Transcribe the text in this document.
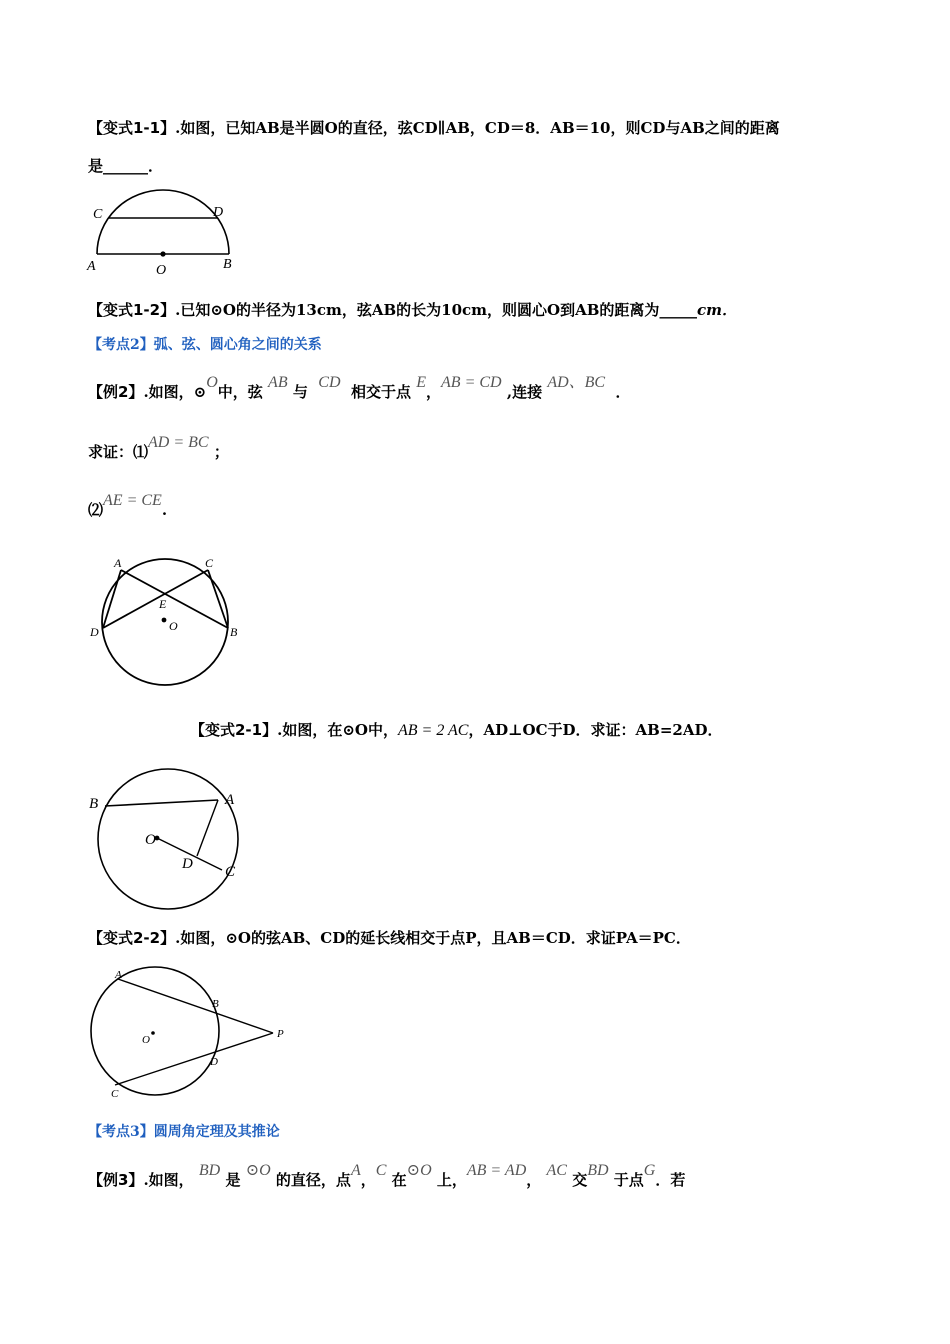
【变式1-1】.如图，已知AB是半圆O的直径，弦CD∥AB，CD＝8．AB＝10，则CD与AB之间的距离
是______．
C	D
A	O	B
【变式1-2】.已知⊙O的半径为13cm，弦AB的长为10cm，则圆心O到AB的距离为_____cm．
【考点2】弧、弦、圆心角之间的关系
【例2】.如图，⊙O中，弦 AB 与  CD  相交于点 E，AB = CD ,连接 AD、BC  ．
求证：⑴AD = BC ；
⑵AE = CE.
A	C
E
D	O	B
【变式2-1】.如图，在⊙O中，AB = 2 AC，AD⊥OC于D．求证：AB=2AD．
B	A
O
D C
【变式2-2】.如图，⊙O的弦AB、CD的延长线相交于点P，且AB＝CD．求证PA＝PC．
A
B
O	P
D
C
【考点3】圆周角定理及其推论
【例3】.如图， BD 是 ⊙O 的直径，点A，C 在⊙O 上，AB = AD， AC 交BD 于点G．若
